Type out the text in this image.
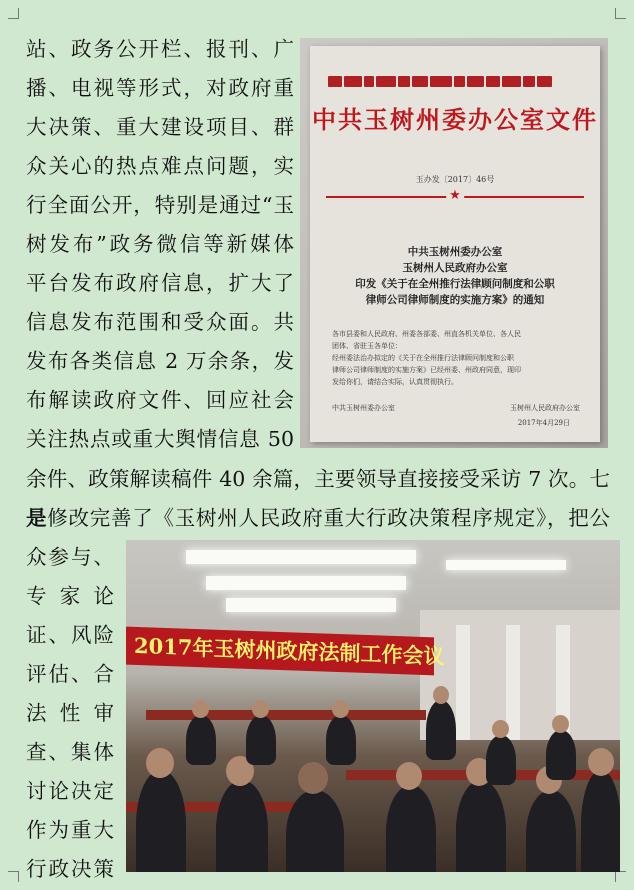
站、政务公开栏、报刊、广

播、电视等形式，对政府重

大决策、重大建设项目、群

众关心的热点难点问题，实

行全面公开，特别是通过“玉

树发布”政务微信等新媒体

平台发布政府信息，扩大了

信息发布范围和受众面。共

发布各类信息 2 万余条，发

布解读政府文件、回应社会

关注热点或重大舆情信息 50

中共玉树州委办公室文件
玉办发〔2017〕46号
★
中共玉树州委办公室
玉树州人民政府办公室
印发《关于在全州推行法律顾问制度和公职
律师公司律师制度的实施方案》的通知

各市县委和人民政府、州委各部委、州直各机关单位、各人民

团体、省驻玉各单位：

经州委法治办拟定的《关于在全州推行法律顾问制度和公职

律师公司律师制度的实施方案》已经州委、州政府同意，现印

发给你们，请结合实际，认真贯彻执行。

中共玉树州委办公室	玉树州人民政府办公室
2017年4月29日

余件、政策解读稿件 40 余篇，主要领导直接接受采访 7 次。七

是修改完善了《玉树州人民政府重大行政决策程序规定》，把公

众参与、

专家论

证、风险

评估、合

法性审

查、集体

讨论决定

作为重大

行政决策

2017年玉树州政府法制工作会议
